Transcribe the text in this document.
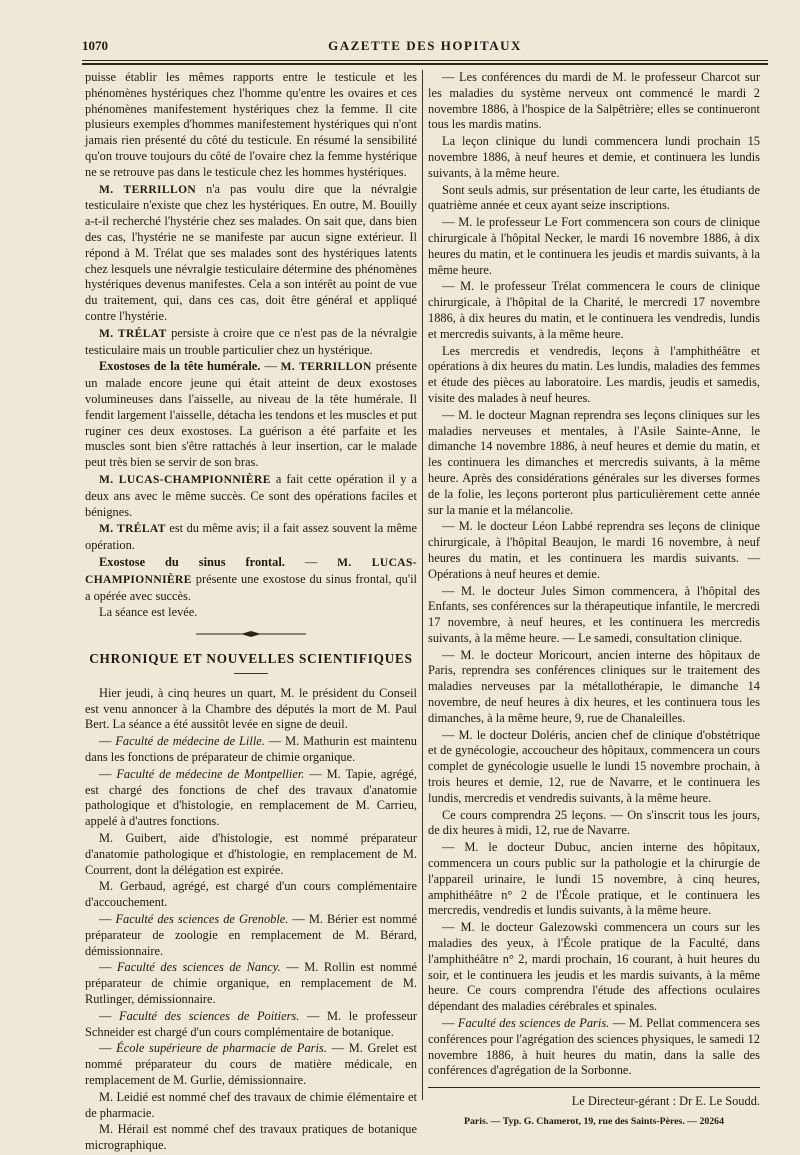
1070	GAZETTE DES HOPITAUX

puisse établir les mêmes rapports entre le testicule et les phénomènes hystériques chez l'homme qu'entre les ovaires et ces phénomènes manifestement hystériques chez la femme. Il cite plusieurs exemples d'hommes manifestement hystériques qui n'ont jamais rien présenté du côté du testicule. En résumé la sensibilité qu'on trouve toujours du côté de l'ovaire chez la femme hystérique ne se retrouve pas dans le testicule chez les hommes hystériques.

M. TERRILLON n'a pas voulu dire que la névralgie testiculaire n'existe que chez les hystériques. En outre, M. Bouilly a-t-il recherché l'hystérie chez ses malades. On sait que, dans bien des cas, l'hystérie ne se manifeste par aucun signe extérieur. Il répond à M. Trélat que ses malades sont des hystériques latents chez lesquels une névralgie testiculaire détermine des phénomènes hystériques devenus manifestes. Cela a son intérêt au point de vue du traitement, qui, dans ces cas, doit être général et appliqué contre l'hystérie.

M. TRÉLAT persiste à croire que ce n'est pas de la névralgie testiculaire mais un trouble particulier chez un hystérique.

Exostoses de la tête humérale. — M. TERRILLON présente un malade encore jeune qui était atteint de deux exostoses volumineuses dans l'aisselle, au niveau de la tête humérale. Il fendit largement l'aisselle, détacha les tendons et les muscles et put ruginer ces deux exostoses. La guérison a été parfaite et les muscles sont bien s'être rattachés à leur insertion, car le malade peut très bien se servir de son bras.

M. LUCAS-CHAMPIONNIÈRE a fait cette opération il y a deux ans avec le même succès. Ce sont des opérations faciles et bénignes.

M. TRÉLAT est du même avis; il a fait assez souvent la même opération.

Exostose du sinus frontal. — M. LUCAS-CHAMPIONNIÈRE présente une exostose du sinus frontal, qu'il a opérée avec succès.

La séance est levée.

CHRONIQUE ET NOUVELLES SCIENTIFIQUES

Hier jeudi, à cinq heures un quart, M. le président du Conseil est venu annoncer à la Chambre des députés la mort de M. Paul Bert. La séance a été aussitôt levée en signe de deuil.

— Faculté de médecine de Lille. — M. Mathurin est maintenu dans les fonctions de préparateur de chimie organique.

— Faculté de médecine de Montpellier. — M. Tapie, agrégé, est chargé des fonctions de chef des travaux d'anatomie pathologique et d'histologie, en remplacement de M. Carrieu, appelé à d'autres fonctions.

M. Guibert, aide d'histologie, est nommé préparateur d'anatomie pathologique et d'histologie, en remplacement de M. Courrent, dont la délégation est expirée.

M. Gerbaud, agrégé, est chargé d'un cours complémentaire d'accouchement.

— Faculté des sciences de Grenoble. — M. Bérier est nommé préparateur de zoologie en remplacement de M. Bérard, démissionnaire.

— Faculté des sciences de Nancy. — M. Rollin est nommé préparateur de chimie organique, en remplacement de M. Rutlinger, démissionnaire.

— Faculté des sciences de Poitiers. — M. le professeur Schneider est chargé d'un cours complémentaire de botanique.

— École supérieure de pharmacie de Paris. — M. Grelet est nommé préparateur du cours de matière médicale, en remplacement de M. Gurlie, démissionnaire.

M. Leidié est nommé chef des travaux de chimie élémentaire et de pharmacie.

M. Hérail est nommé chef des travaux pratiques de botanique micrographique.

— Les conférences du mardi de M. le professeur Charcot sur les maladies du système nerveux ont commencé le mardi 2 novembre 1886, à l'hospice de la Salpêtrière; elles se continueront tous les mardis matins.

La leçon clinique du lundi commencera lundi prochain 15 novembre 1886, à neuf heures et demie, et continuera les lundis suivants, à la même heure.

Sont seuls admis, sur présentation de leur carte, les étudiants de quatrième année et ceux ayant seize inscriptions.

— M. le professeur Le Fort commencera son cours de clinique chirurgicale à l'hôpital Necker, le mardi 16 novembre 1886, à dix heures du matin, et le continuera les jeudis et mardis suivants, à la même heure.

— M. le professeur Trélat commencera le cours de clinique chirurgicale, à l'hôpital de la Charité, le mercredi 17 novembre 1886, à dix heures du matin, et le continuera les vendredis, lundis et mercredis suivants, à la même heure.

Les mercredis et vendredis, leçons à l'amphithéâtre et opérations à dix heures du matin. Les lundis, maladies des femmes et étude des pièces au laboratoire. Les mardis, jeudis et samedis, visite des malades à neuf heures.

— M. le docteur Magnan reprendra ses leçons cliniques sur les maladies nerveuses et mentales, à l'Asile Sainte-Anne, le dimanche 14 novembre 1886, à neuf heures et demie du matin, et les continuera les dimanches et mercredis suivants, à la même heure. Après des considérations générales sur les diverses formes de la folie, les leçons porteront plus particulièrement cette année sur la manie et la mélancolie.

— M. le docteur Léon Labbé reprendra ses leçons de clinique chirurgicale, à l'hôpital Beaujon, le mardi 16 novembre, à neuf heures du matin, et les continuera les mardis suivants. — Opérations à neuf heures et demie.

— M. le docteur Jules Simon commencera, à l'hôpital des Enfants, ses conférences sur la thérapeutique infantile, le mercredi 17 novembre, à neuf heures, et les continuera les mercredis suivants, à la même heure. — Le samedi, consultation clinique.

— M. le docteur Moricourt, ancien interne des hôpitaux de Paris, reprendra ses conférences cliniques sur le traitement des maladies nerveuses par la métallothérapie, le dimanche 14 novembre, de neuf heures à dix heures, et les continuera tous les dimanches, à la même heure, 9, rue de Chanaleilles.

— M. le docteur Doléris, ancien chef de clinique d'obstétrique et de gynécologie, accoucheur des hôpitaux, commencera un cours complet de gynécologie usuelle le lundi 15 novembre prochain, à trois heures et demie, 12, rue de Navarre, et le continuera les lundis, mercredis et vendredis suivants, à la même heure.

Ce cours comprendra 25 leçons. — On s'inscrit tous les jours, de dix heures à midi, 12, rue de Navarre.

— M. le docteur Dubuc, ancien interne des hôpitaux, commencera un cours public sur la pathologie et la chirurgie de l'appareil urinaire, le lundi 15 novembre, à cinq heures, amphithéâtre n° 2 de l'École pratique, et le continuera les mercredis, vendredis et lundis suivants, à la même heure.

— M. le docteur Galezowski commencera un cours sur les maladies des yeux, à l'École pratique de la Faculté, dans l'amphithéâtre n° 2, mardi prochain, 16 courant, à huit heures du soir, et le continuera les jeudis et les mardis suivants, à la même heure. Ce cours comprendra l'étude des affections oculaires dépendant des maladies cérébrales et spinales.

— Faculté des sciences de Paris. — M. Pellat commencera ses conférences pour l'agrégation des sciences physiques, le samedi 12 novembre 1886, à huit heures du matin, dans la salle des conférences d'agrégation de la Sorbonne.

Le Directeur-gérant : Dr E. Le Soudd.
Paris. — Typ. G. Chamerot, 19, rue des Saints-Pères. — 20264
